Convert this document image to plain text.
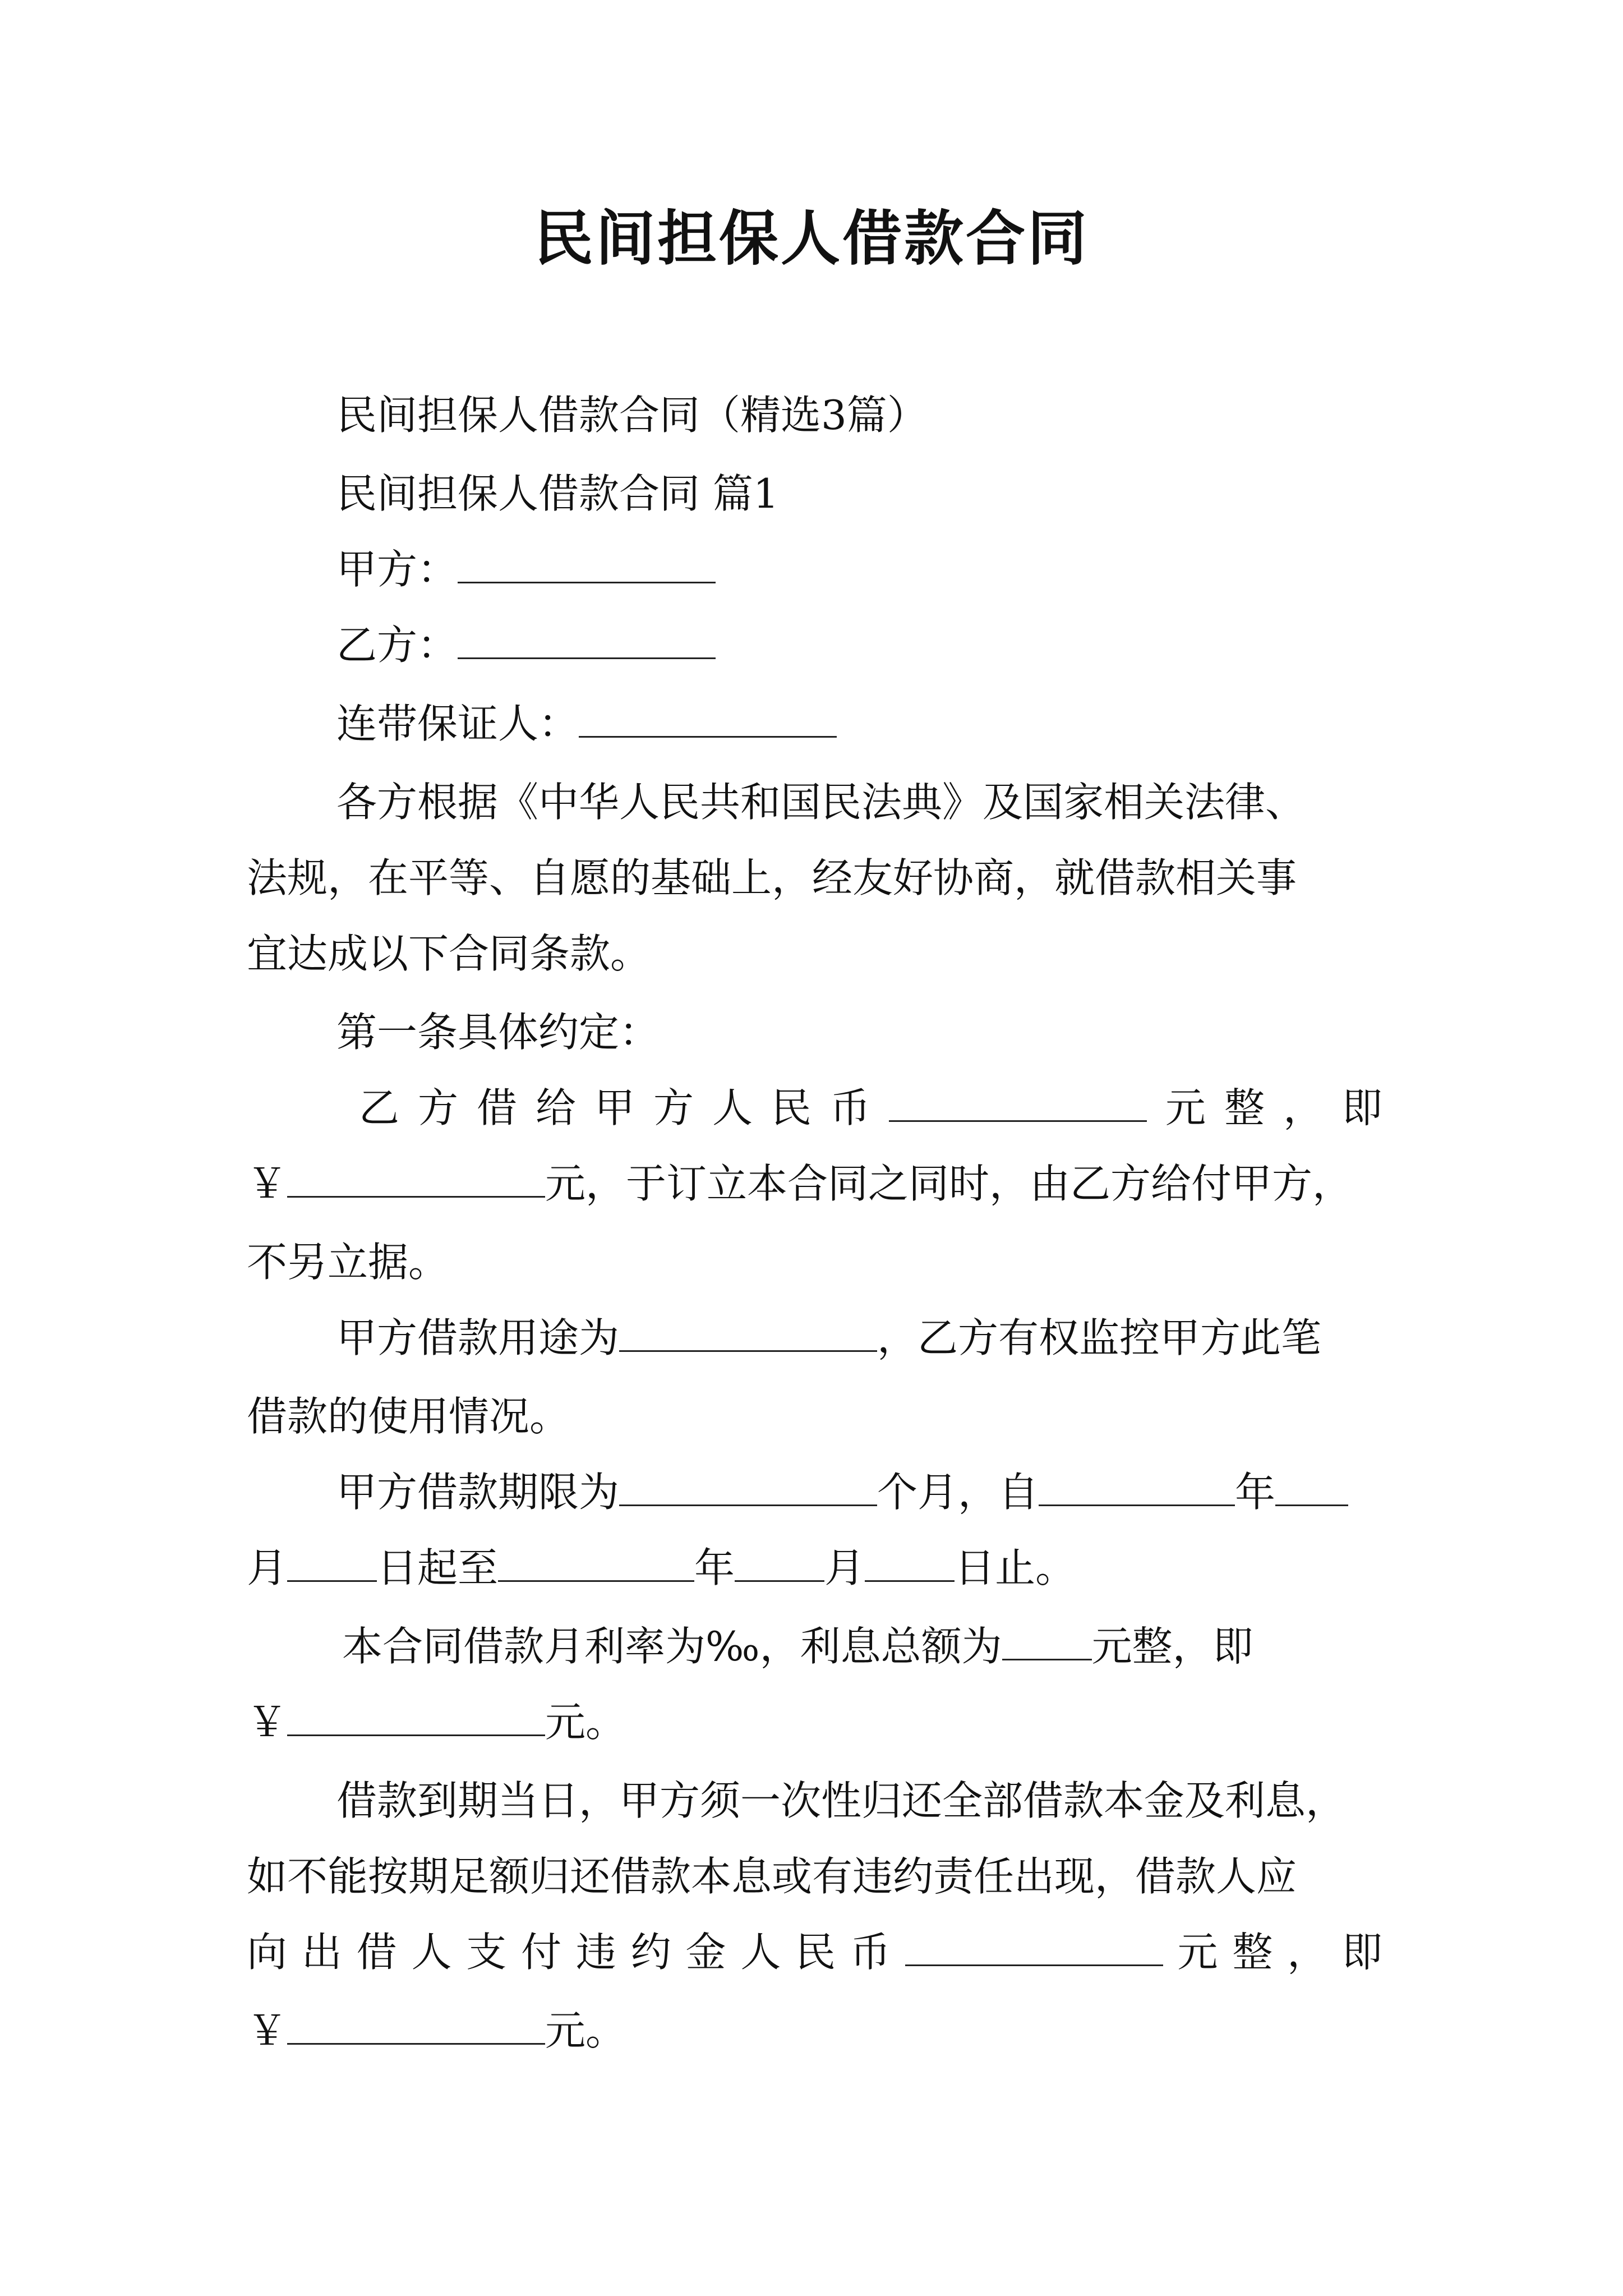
民间担保人借款合同
民间担保人借款合同（精选3篇）
民间担保人借款合同 篇1
甲方：
乙方：
连带保证人：
各方根据《中华人民共和国民法典》及国家相关法律、
法规，在平等、自愿的基础上，经友好协商，就借款相关事
宜达成以下合同条款。
第一条具体约定：
乙 方 借 给 甲 方 人 民 币	元 整 ， 即
￥	元，于订立本合同之同时，由乙方给付甲方，
不另立据。
甲方借款用途为	，乙方有权监控甲方此笔
借款的使用情况。
甲方借款期限为	个月，自	年
月 日起至	年 月 日止。
本合同借款月利率为‰，利息总额为 元整，即
￥	元。
借款到期当日，甲方须一次性归还全部借款本金及利息，
如不能按期足额归还借款本息或有违约责任出现，借款人应
向 出 借 人 支 付 违 约 金 人 民 币	元 整 ， 即
￥	元。
